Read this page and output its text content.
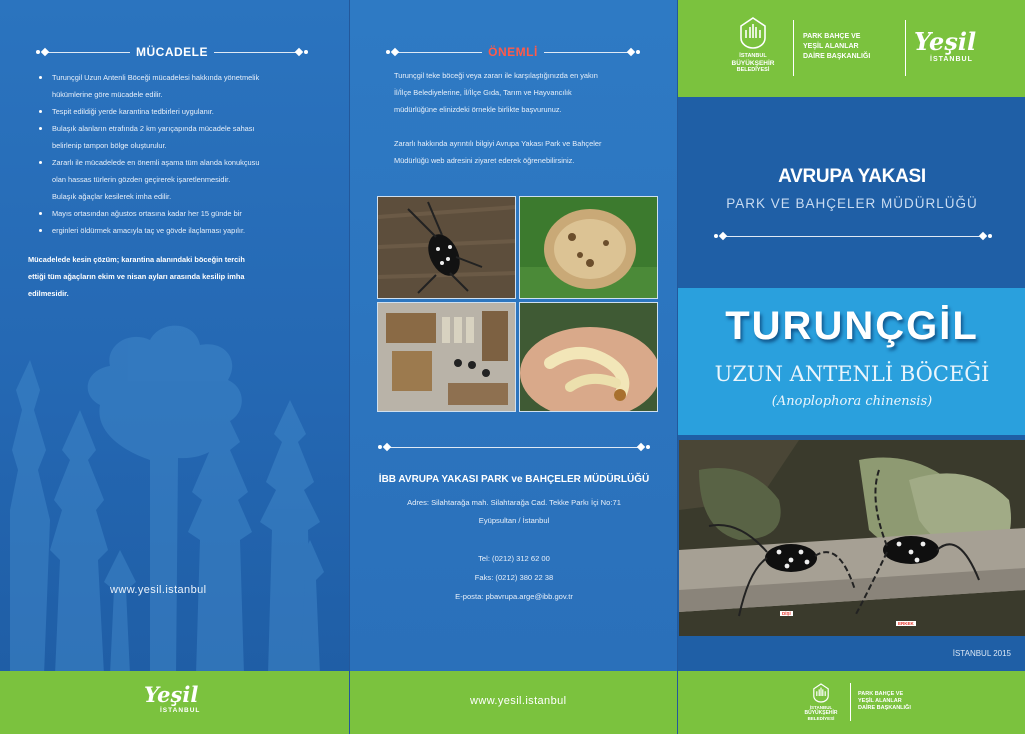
MÜCADELE
Turunçgil Uzun Antenli Böceği mücadelesi hakkında yönetmelik
hükümlerine göre mücadele edilir.
Tespit edildiği yerde karantina tedbirleri uygulanır.
Bulaşık alanların etrafında 2 km yarıçapında mücadele sahası
belirlenip tampon bölge oluşturulur.
Zararlı ile mücadelede en önemli aşama tüm alanda konukçusu
olan hassas türlerin gözden geçirerek işaretlenmesidir.
Bulaşık ağaçlar kesilerek imha edilir.
Mayıs ortasından ağustos ortasına kadar her 15 günde bir
erginleri öldürmek amacıyla taç ve gövde ilaçlaması yapılır.
Mücadelede kesin çözüm; karantina alanındaki böceğin tercih
ettiği tüm ağaçların ekim ve nisan ayları arasında kesilip imha
edilmesidir.
www.yesil.istanbul
Yeşil
İSTANBUL
ÖNEMLİ
Turunçgil teke böceği veya zararı ile karşılaştığınızda en yakın
İl/İlçe Belediyelerine, İl/İlçe Gıda, Tarım ve Hayvancılık
müdürlüğüne elinizdeki örnekle birlikte başvurunuz.
Zararlı hakkında ayrıntılı bilgiyi Avrupa Yakası Park ve Bahçeler
Müdürlüğü web adresini ziyaret ederek öğrenebilirsiniz.
İBB AVRUPA YAKASI PARK ve BAHÇELER MÜDÜRLÜĞÜ
Adres: Silahtarağa mah. Silahtarağa Cad. Tekke Parkı İçi No:71
Eyüpsultan / İstanbul
Tel: (0212) 312 62 00
Faks: (0212) 380 22 38
E-posta: pbavrupa.arge@ibb.gov.tr
www.yesil.istanbul
İSTANBUL
BÜYÜKŞEHİR
BELEDİYESİ
PARK BAHÇE VE
YEŞİL ALANLAR
DAİRE BAŞKANLIĞI
Yeşil
İSTANBUL
AVRUPA YAKASI
PARK VE BAHÇELER MÜDÜRLÜĞÜ
TURUNÇGİL
UZUN ANTENLİ BÖCEĞİ
(Anoplophora chinensis)
DİŞİ
ERKEK
İSTANBUL 2015
İSTANBUL
BÜYÜKŞEHİR
BELEDİYESİ
PARK BAHÇE VE
YEŞİL ALANLAR
DAİRE BAŞKANLIĞI
